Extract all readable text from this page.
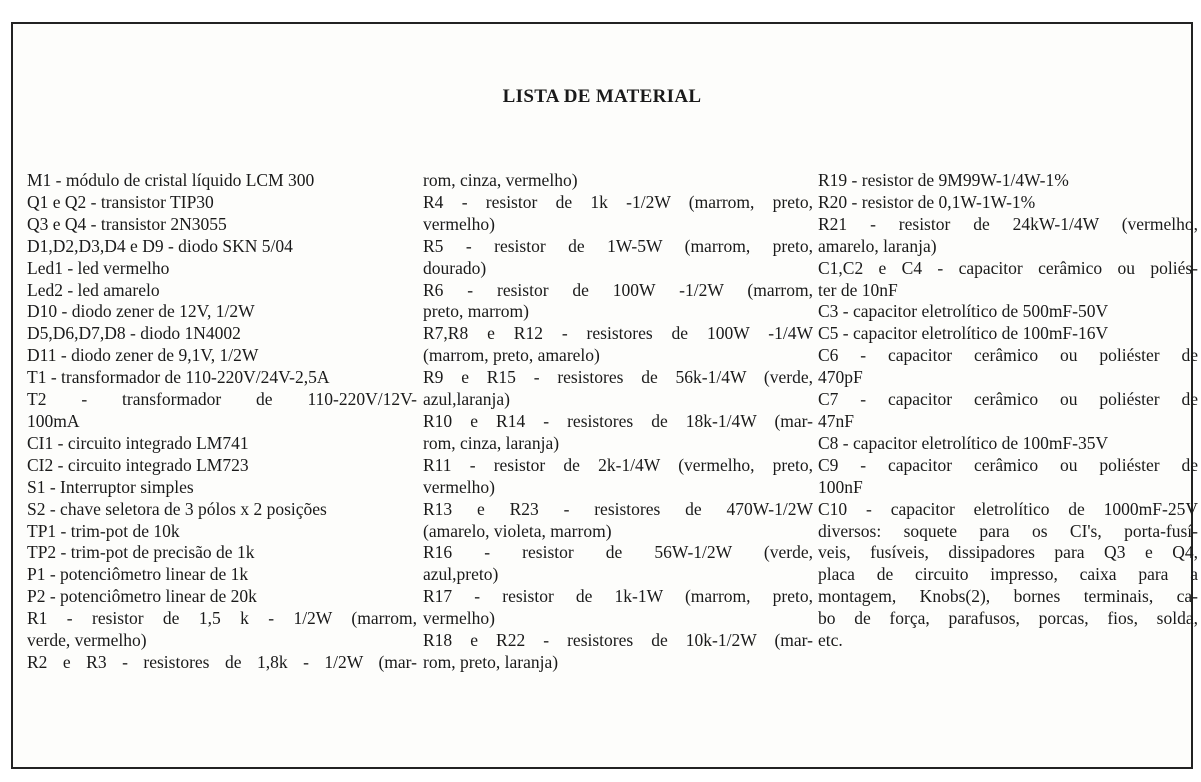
LISTA DE MATERIAL
M1 - módulo de cristal líquido LCM 300
Q1 e Q2 - transistor TIP30
Q3 e Q4 - transistor 2N3055
D1,D2,D3,D4 e D9 - diodo SKN 5/04
Led1 - led vermelho
Led2 - led amarelo
D10 - diodo zener de 12V, 1/2W
D5,D6,D7,D8 - diodo 1N4002
D11 - diodo zener de 9,1V, 1/2W
T1 - transformador de 110-220V/24V-2,5A
T2 - transformador de 110-220V/12V-
100mA
CI1 - circuito integrado LM741
CI2 - circuito integrado LM723
S1 - Interruptor simples
S2 - chave seletora de 3 pólos x 2 posições
TP1 - trim-pot de 10k
TP2 - trim-pot de precisão de 1k
P1 - potenciômetro linear de 1k
P2 - potenciômetro linear de 20k
R1 - resistor de 1,5 k - 1/2W (marrom,
verde, vermelho)
R2 e R3 - resistores de 1,8k - 1/2W (mar-
rom, cinza, vermelho)
R4 - resistor de 1k -1/2W (marrom, preto,
vermelho)
R5 - resistor de 1W-5W (marrom, preto,
dourado)
R6 - resistor de 100W -1/2W (marrom,
preto, marrom)
R7,R8 e R12 - resistores de 100W -1/4W
(marrom, preto, amarelo)
R9 e R15 - resistores de 56k-1/4W (verde,
azul,laranja)
R10 e R14 - resistores de 18k-1/4W (mar-
rom, cinza, laranja)
R11 - resistor de 2k-1/4W (vermelho, preto,
vermelho)
R13 e R23 - resistores de 470W-1/2W
(amarelo, violeta, marrom)
R16 - resistor de 56W-1/2W (verde,
azul,preto)
R17 - resistor de 1k-1W (marrom, preto,
vermelho)
R18 e R22 - resistores de 10k-1/2W (mar-
rom, preto, laranja)
R19 - resistor de 9M99W-1/4W-1%
R20 - resistor de 0,1W-1W-1%
R21 - resistor de 24kW-1/4W (vermelho,
amarelo, laranja)
C1,C2 e C4 - capacitor cerâmico ou poliés-
ter de 10nF
C3 - capacitor eletrolítico de 500mF-50V
C5 - capacitor eletrolítico de 100mF-16V
C6 - capacitor cerâmico ou poliéster de
470pF
C7 - capacitor cerâmico ou poliéster de
47nF
C8 - capacitor eletrolítico de 100mF-35V
C9 - capacitor cerâmico ou poliéster de
100nF
C10 - capacitor eletrolítico de 1000mF-25V
diversos: soquete para os CI's, porta-fusí-
veis, fusíveis, dissipadores para Q3 e Q4,
placa de circuito impresso, caixa para a
montagem, Knobs(2), bornes terminais, ca-
bo de força, parafusos, porcas, fios, solda,
etc.
